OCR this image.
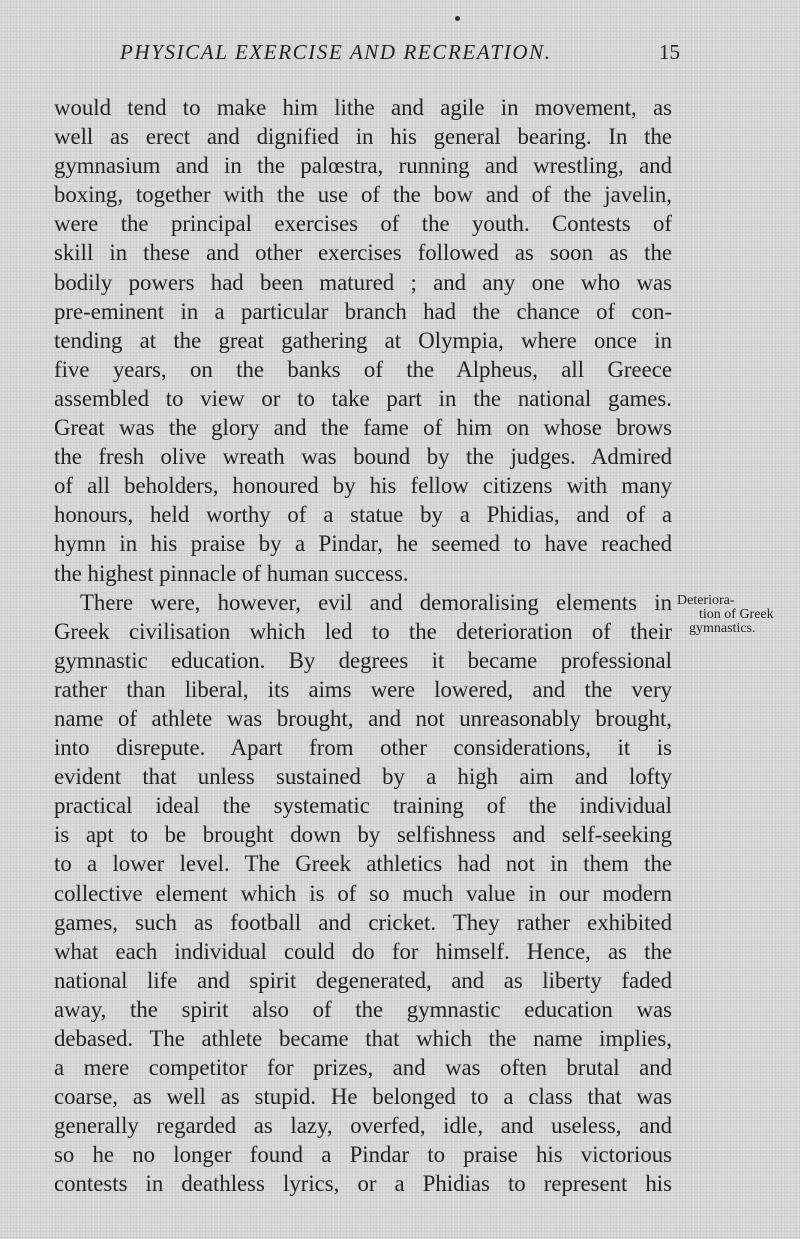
PHYSICAL EXERCISE AND RECREATION.	15
would tend to make him lithe and agile in movement, as
well as erect and dignified in his general bearing. In the
gymnasium and in the palœstra, running and wrestling, and
boxing, together with the use of the bow and of the javelin,
were the principal exercises of the youth. Contests of
skill in these and other exercises followed as soon as the
bodily powers had been matured ; and any one who was
pre-eminent in a particular branch had the chance of con-
tending at the great gathering at Olympia, where once in
five years, on the banks of the Alpheus, all Greece
assembled to view or to take part in the national games.
Great was the glory and the fame of him on whose brows
the fresh olive wreath was bound by the judges. Admired
of all beholders, honoured by his fellow citizens with many
honours, held worthy of a statue by a Phidias, and of a
hymn in his praise by a Pindar, he seemed to have reached
the highest pinnacle of human success.
There were, however, evil and demoralising elements in
Greek civilisation which led to the deterioration of their
gymnastic education. By degrees it became professional
rather than liberal, its aims were lowered, and the very
name of athlete was brought, and not unreasonably brought,
into disrepute. Apart from other considerations, it is
evident that unless sustained by a high aim and lofty
practical ideal the systematic training of the individual
is apt to be brought down by selfishness and self-seeking
to a lower level. The Greek athletics had not in them the
collective element which is of so much value in our modern
games, such as football and cricket. They rather exhibited
what each individual could do for himself. Hence, as the
national life and spirit degenerated, and as liberty faded
away, the spirit also of the gymnastic education was
debased. The athlete became that which the name implies,
a mere competitor for prizes, and was often brutal and
coarse, as well as stupid. He belonged to a class that was
generally regarded as lazy, overfed, idle, and useless, and
so he no longer found a Pindar to praise his victorious
contests in deathless lyrics, or a Phidias to represent his
Deteriora-
tion of Greek
gymnastics.
